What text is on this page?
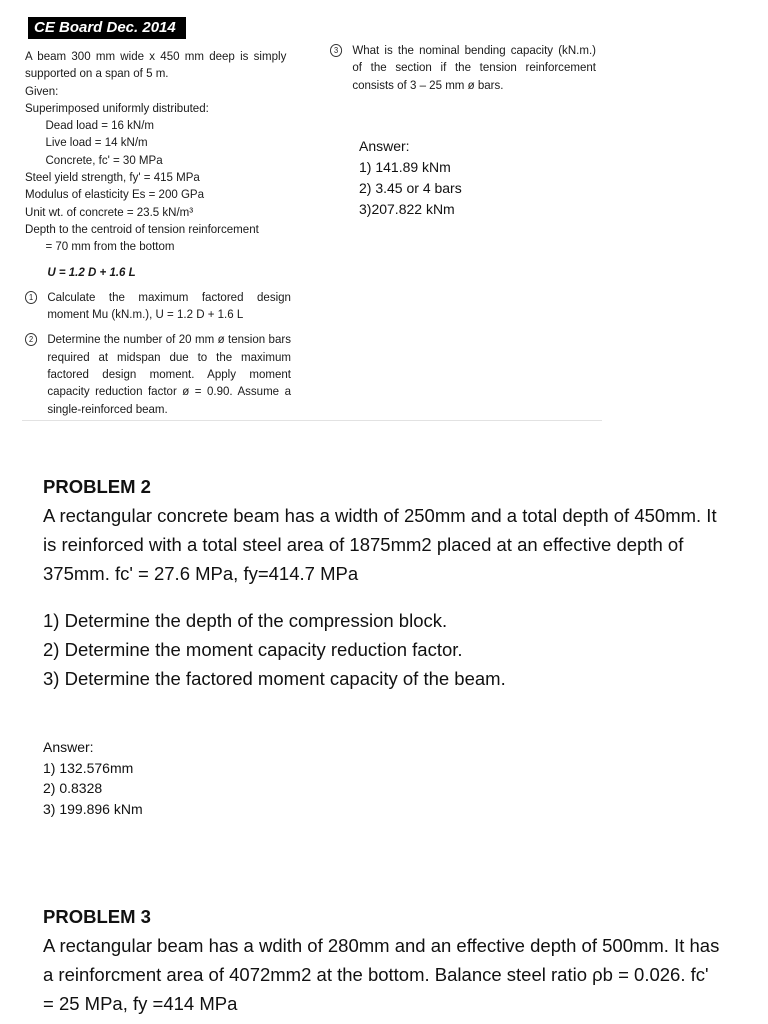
CE Board Dec. 2014
A beam 300 mm wide x 450 mm deep is simply supported on a span of 5 m.
Given:
Superimposed uniformly distributed:
Dead load = 16 kN/m
Live load = 14 kN/m
Concrete, fc' = 30 MPa
Steel yield strength, fy' = 415 MPa
Modulus of elasticity Es = 200 GPa
Unit wt. of concrete = 23.5 kN/m³
Depth to the centroid of tension reinforcement
= 70 mm from the bottom
U = 1.2 D + 1.6 L
1	Calculate the maximum factored design moment Mu (kN.m.), U = 1.2 D + 1.6 L
2	Determine the number of 20 mm ø tension bars required at midspan due to the maximum factored design moment. Apply moment capacity reduction factor ø = 0.90. Assume a single-reinforced beam.
3	What is the nominal bending capacity (kN.m.) of the section if the tension reinforcement consists of 3 – 25 mm ø bars.
Answer:
1) 141.89 kNm
2) 3.45 or 4 bars
3)207.822 kNm
PROBLEM 2
A rectangular concrete beam has a width of 250mm and a total depth of 450mm. It is reinforced with a total steel area of 1875mm2 placed at an effective depth of 375mm. fc' = 27.6 MPa, fy=414.7 MPa
1) Determine the depth of the compression block.
2) Determine the moment capacity reduction factor.
3) Determine the factored moment capacity of the beam.
Answer:
1) 132.576mm
2) 0.8328
3) 199.896 kNm
PROBLEM 3
A rectangular beam has a wdith of 280mm and an effective depth of 500mm. It has a reinforcment area of 4072mm2 at the bottom. Balance steel ratio ρb = 0.026. fc' = 25 MPa, fy =414 MPa
